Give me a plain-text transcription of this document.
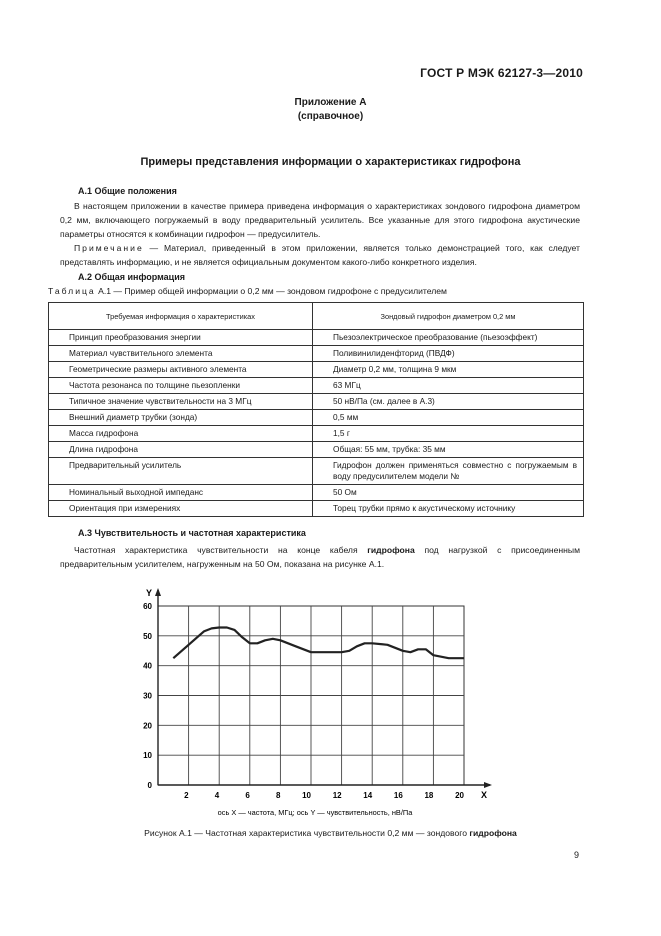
ГОСТ Р МЭК 62127-3—2010
Приложение А
(справочное)
Примеры представления информации о характеристиках гидрофона
А.1 Общие положения
В настоящем приложении в качестве примера приведена информация о характеристиках зондового гидрофона диаметром 0,2 мм, включающего погружаемый в воду предварительный усилитель. Все указанные для этого гидрофона акустические параметры относятся к комбинации гидрофон — предусилитель.
Примечание — Материал, приведенный в этом приложении, является только демонстрацией того, как следует представлять информацию, и не является официальным документом какого-либо конкретного изделия.
А.2 Общая информация
Таблица А.1 — Пример общей информации о 0,2 мм — зондовом гидрофоне с предусилителем
Требуемая информация о характеристиках	Зондовый гидрофон диаметром 0,2 мм
Принцип преобразования энергии	Пьезоэлектрическое преобразование (пьезоэффект)
Материал чувствительного элемента	Поливинилиденфторид (ПВДФ)
Геометрические размеры активного элемента	Диаметр 0,2 мм, толщина 9 мкм
Частота резонанса по толщине пьезопленки	63 МГц
Типичное значение чувствительности на 3 МГц	50 нВ/Па (см. далее в А.3)
Внешний диаметр трубки (зонда)	0,5 мм
Масса гидрофона	1,5 г
Длина гидрофона	Общая: 55 мм, трубка: 35 мм
Предварительный усилитель	Гидрофон должен применяться совместно с погружаемым в воду предусилителем модели №
Номинальный выходной импеданс	50 Ом
Ориентация при измерениях	Торец трубки прямо к акустическому источнику
А.3 Чувствительность и частотная характеристика
Частотная характеристика чувствительности на конце кабеля гидрофона под нагрузкой с присоединенным предварительным усилителем, нагруженным на 50 Ом, показана на рисунке А.1.
Y
X
0
10
20
30
40
50
60
2	4	6	8	10	12	14	16	18	20
ось X — частота, МГц; ось Y — чувствительность, нВ/Па
Рисунок А.1 — Частотная характеристика чувствительности 0,2 мм — зондового гидрофона
9
